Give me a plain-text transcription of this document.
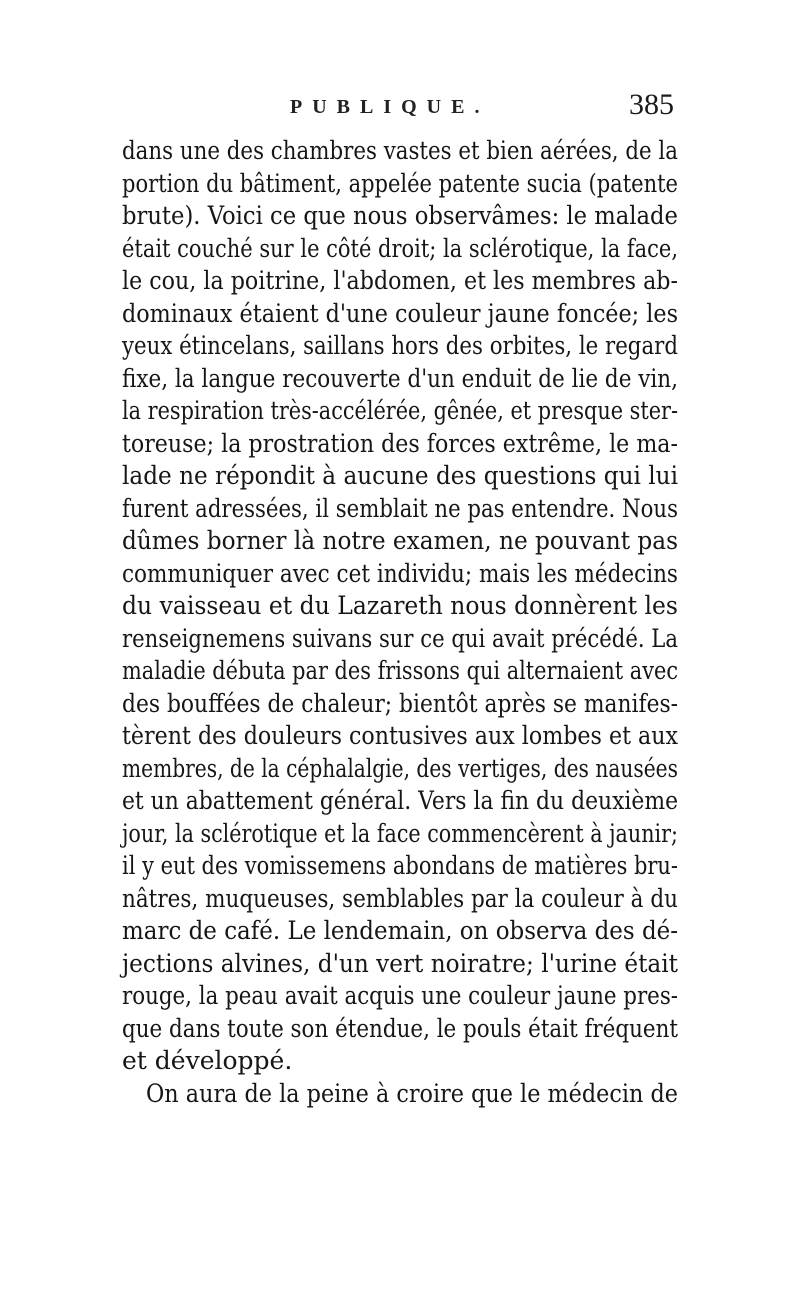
PUBLIQUE.	385
dans une des chambres vastes et bien aérées, de la
portion du bâtiment, appelée patente sucia (patente
brute). Voici ce que nous observâmes: le malade
était couché sur le côté droit; la sclérotique, la face,
le cou, la poitrine, l'abdomen, et les membres ab-
dominaux étaient d'une couleur jaune foncée; les
yeux étincelans, saillans hors des orbites, le regard
fixe, la langue recouverte d'un enduit de lie de vin,
la respiration très-accélérée, gênée, et presque ster-
toreuse; la prostration des forces extrême, le ma-
lade ne répondit à aucune des questions qui lui
furent adressées, il semblait ne pas entendre. Nous
dûmes borner là notre examen, ne pouvant pas
communiquer avec cet individu; mais les médecins
du vaisseau et du Lazareth nous donnèrent les
renseignemens suivans sur ce qui avait précédé. La
maladie débuta par des frissons qui alternaient avec
des bouffées de chaleur; bientôt après se manifes-
tèrent des douleurs contusives aux lombes et aux
membres, de la céphalalgie, des vertiges, des nausées
et un abattement général. Vers la fin du deuxième
jour, la sclérotique et la face commencèrent à jaunir;
il y eut des vomissemens abondans de matières bru-
nâtres, muqueuses, semblables par la couleur à du
marc de café. Le lendemain, on observa des dé-
jections alvines, d'un vert noiratre; l'urine était
rouge, la peau avait acquis une couleur jaune pres-
que dans toute son étendue, le pouls était fréquent
et développé.
On aura de la peine à croire que le médecin de
